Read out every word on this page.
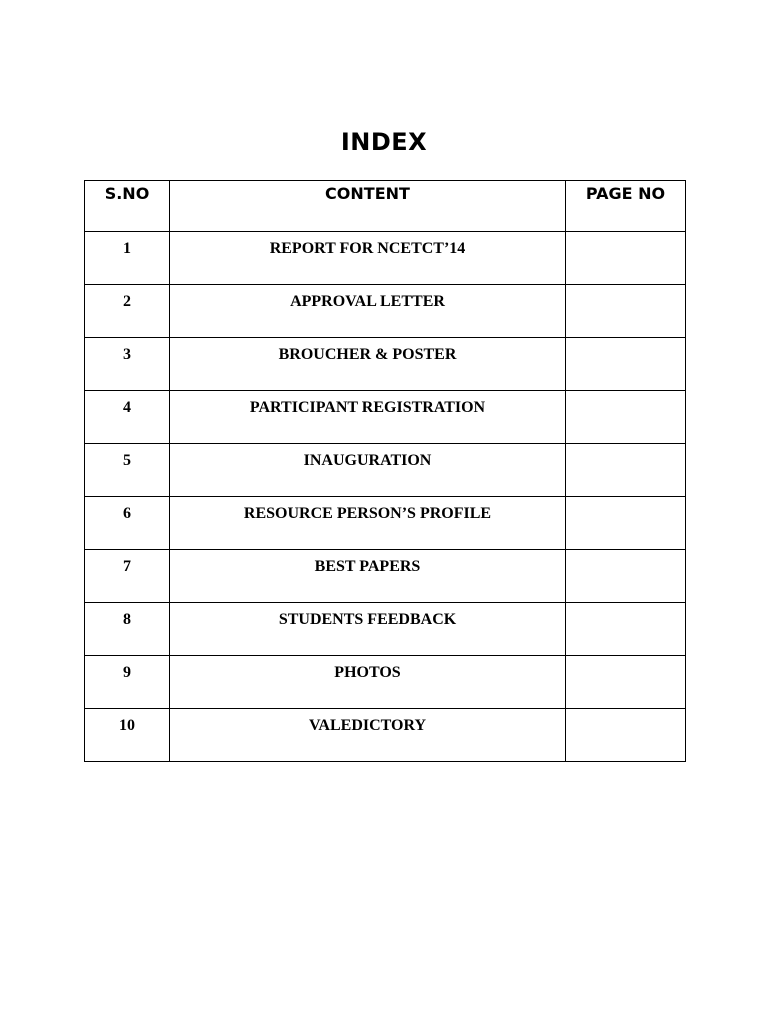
INDEX
S.NO	CONTENT	PAGE NO

1	REPORT FOR NCETCT’14	

2	APPROVAL LETTER	

3	BROUCHER & POSTER	

4	PARTICIPANT REGISTRATION	

5	INAUGURATION	

6	RESOURCE PERSON’S PROFILE	

7	BEST PAPERS	

8	STUDENTS FEEDBACK	

9	PHOTOS	

10	VALEDICTORY	
